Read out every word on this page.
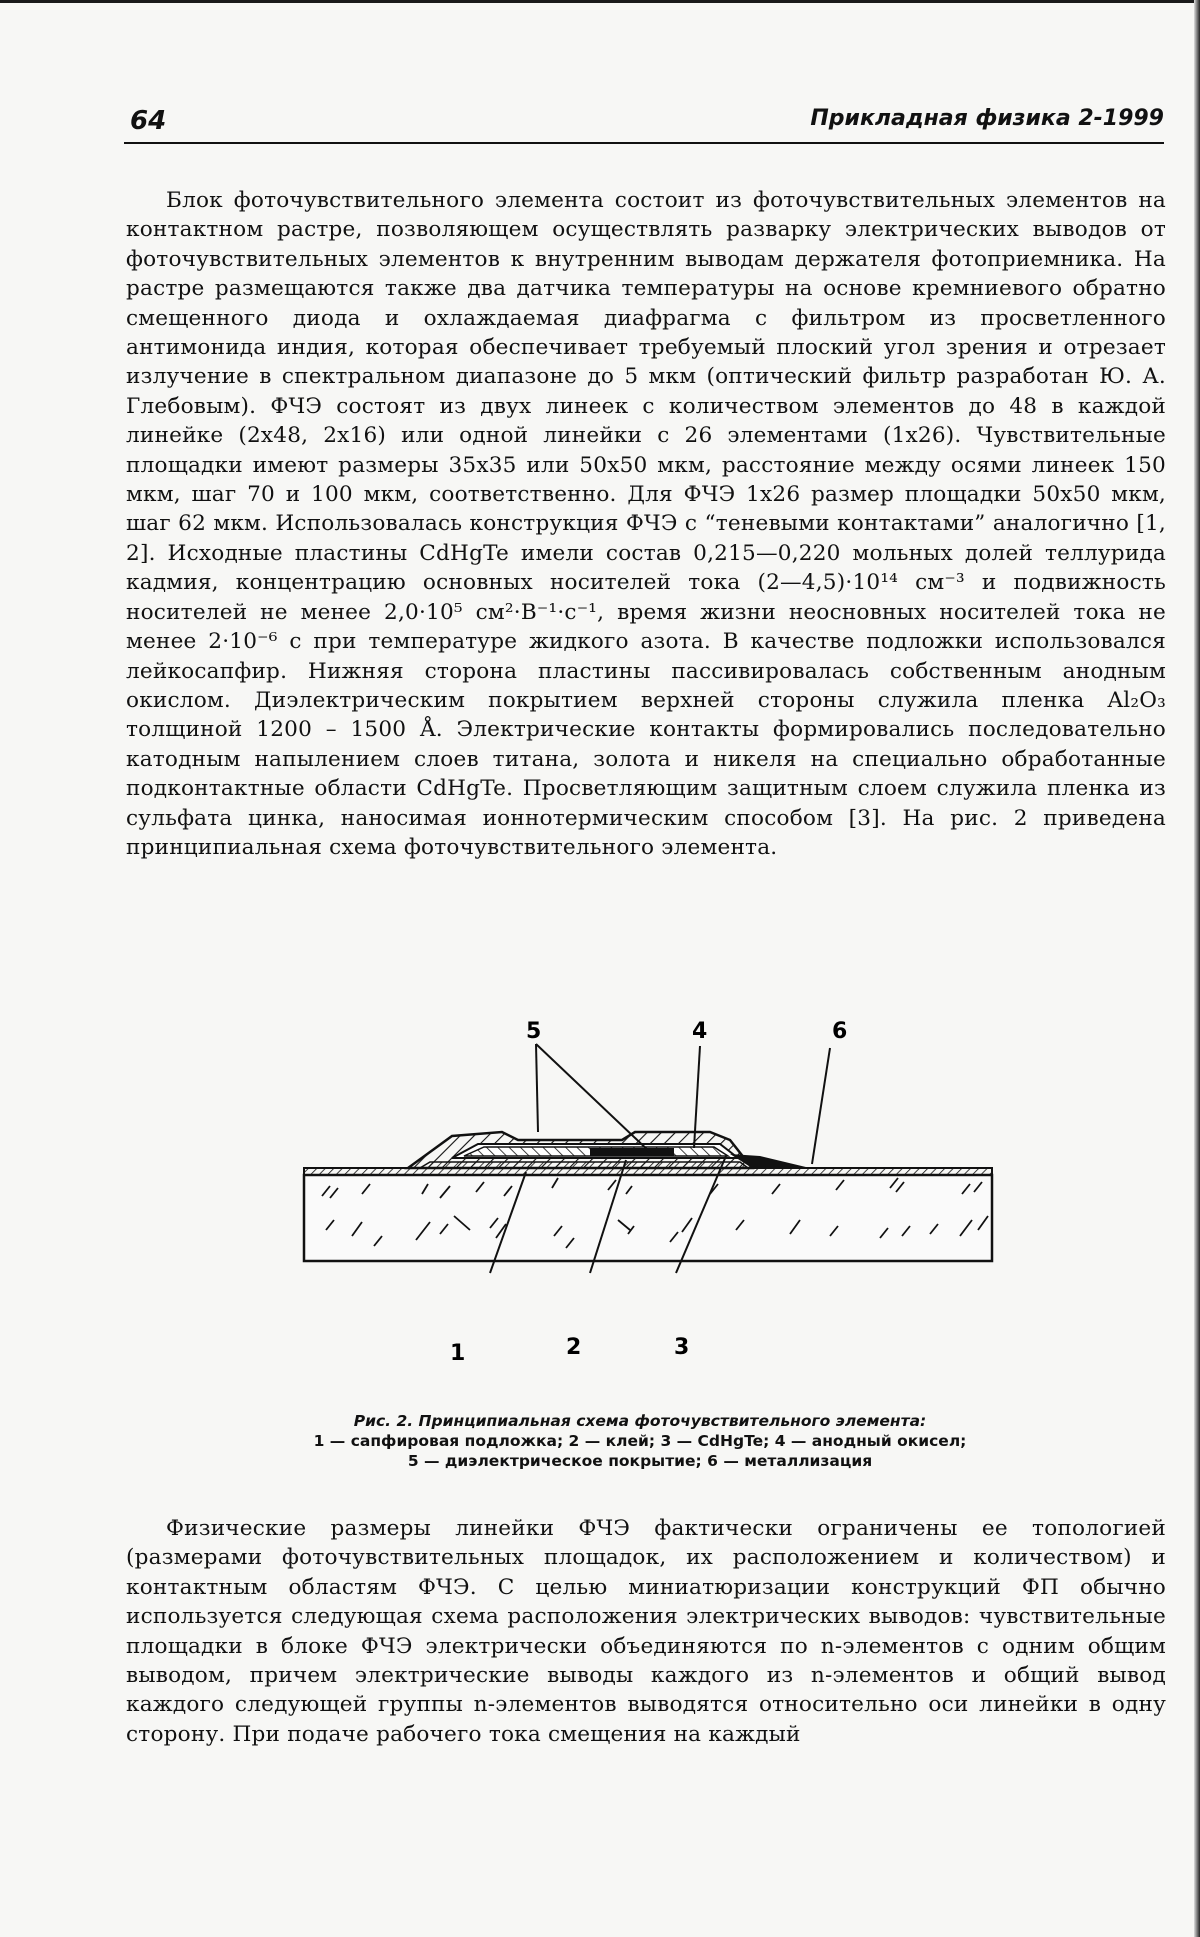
64	Прикладная физика 2-1999

Блок фоточувствительного элемента состоит из фоточувствительных элементов на контактном растре, позволяющем осуществлять разварку электрических выводов от фоточувствительных элементов к внутренним выводам держателя фотоприемника. На растре размещаются также два датчика температуры на основе кремниевого обратно смещенного диода и охлаждаемая диафрагма с фильтром из просветленного антимонида индия, которая обеспечивает требуемый плоский угол зрения и отрезает излучение в спектральном диапазоне до 5 мкм (оптический фильтр разработан Ю. А. Глебовым). ФЧЭ состоят из двух линеек с количеством элементов до 48 в каждой линейке (2х48, 2х16) или одной линейки с 26 элементами (1х26). Чувствительные площадки имеют размеры 35х35 или 50х50 мкм, расстояние между осями линеек 150 мкм, шаг 70 и 100 мкм, соответственно. Для ФЧЭ 1х26 размер площадки 50х50 мкм, шаг 62 мкм. Использовалась конструкция ФЧЭ с “теневыми контактами” аналогично [1, 2]. Исходные пластины CdHgTe имели состав 0,215—0,220 мольных долей теллурида кадмия, концентрацию основных носителей тока (2—4,5)·10¹⁴ см⁻³ и подвижность носителей не менее 2,0·10⁵ см²·В⁻¹·с⁻¹, время жизни неосновных носителей тока не менее 2·10⁻⁶ с при температуре жидкого азота. В качестве подложки использовался лейкосапфир. Нижняя сторона пластины пассивировалась собственным анодным окислом. Диэлектрическим покрытием верхней стороны служила пленка Al₂O₃ толщиной 1200 – 1500 Å. Электрические контакты формировались последовательно катодным напылением слоев титана, золота и никеля на специально обработанные подконтактные области CdHgTe. Просветляющим защитным слоем служила пленка из сульфата цинка, наносимая ионнотермическим способом [3]. На рис. 2 приведена принципиальная схема фоточувствительного элемента.

5	4	6
1	2	3
Рис. 2. Принципиальная схема фоточувствительного элемента:
1 — сапфировая подложка; 2 — клей; 3 — CdHgTe; 4 — анодный окисел;
5 — диэлектрическое покрытие; 6 — металлизация

Физические размеры линейки ФЧЭ фактически ограничены ее топологией (размерами фоточувствительных площадок, их расположением и количеством) и контактным областям ФЧЭ. С целью миниатюризации конструкций ФП обычно используется следующая схема расположения электрических выводов: чувствительные площадки в блоке ФЧЭ электрически объединяются по n-элементов с одним общим выводом, причем электрические выводы каждого из n-элементов и общий вывод каждого следующей группы n-элементов выводятся относительно оси линейки в одну сторону. При подаче рабочего тока смещения на каждый
